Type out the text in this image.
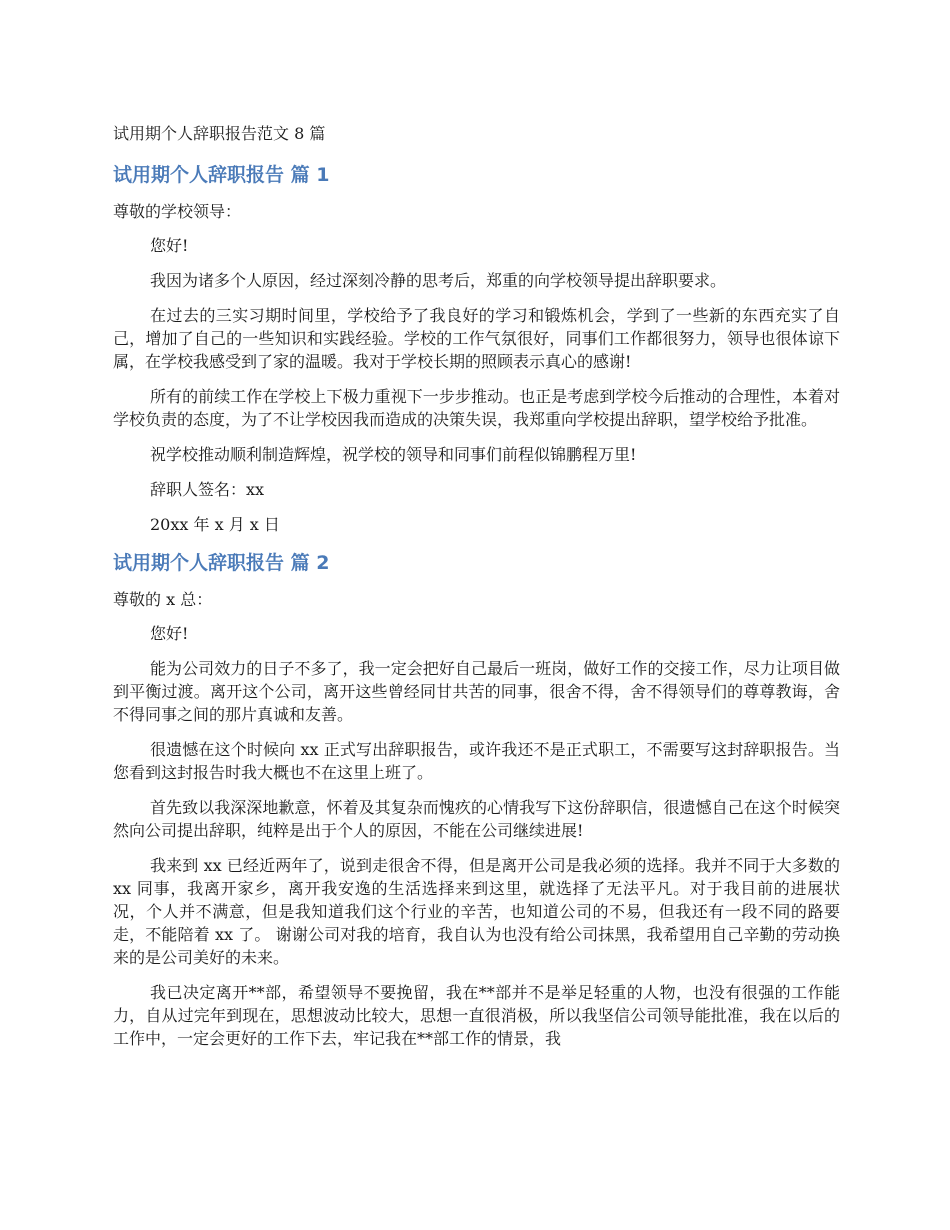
试用期个人辞职报告范文 8 篇
试用期个人辞职报告 篇 1
尊敬的学校领导：

您好!

我因为诸多个人原因，经过深刻冷静的思考后，郑重的向学校领导提出辞职要求。

在过去的三实习期时间里，学校给予了我良好的学习和锻炼机会，学到了一些新的东西充实了自己，增加了自己的一些知识和实践经验。学校的工作气氛很好，同事们工作都很努力，领导也很体谅下属，在学校我感受到了家的温暖。我对于学校长期的照顾表示真心的感谢!

所有的前续工作在学校上下极力重视下一步步推动。也正是考虑到学校今后推动的合理性，本着对学校负责的态度，为了不让学校因我而造成的决策失误，我郑重向学校提出辞职，望学校给予批准。

祝学校推动顺利制造辉煌，祝学校的领导和同事们前程似锦鹏程万里!

辞职人签名：xx

20xx 年 x 月 x 日

试用期个人辞职报告 篇 2
尊敬的 x 总：

您好!

能为公司效力的日子不多了，我一定会把好自己最后一班岗，做好工作的交接工作，尽力让项目做到平衡过渡。离开这个公司，离开这些曾经同甘共苦的同事，很舍不得，舍不得领导们的尊尊教诲，舍不得同事之间的那片真诚和友善。

很遗憾在这个时候向 xx 正式写出辞职报告，或许我还不是正式职工，不需要写这封辞职报告。当您看到这封报告时我大概也不在这里上班了。

首先致以我深深地歉意，怀着及其复杂而愧疚的心情我写下这份辞职信，很遗憾自己在这个时候突然向公司提出辞职，纯粹是出于个人的原因，不能在公司继续进展!

我来到 xx 已经近两年了，说到走很舍不得，但是离开公司是我必须的选择。我并不同于大多数的 xx 同事，我离开家乡，离开我安逸的生活选择来到这里，就选择了无法平凡。对于我目前的进展状况，个人并不满意，但是我知道我们这个行业的辛苦，也知道公司的不易，但我还有一段不同的路要走，不能陪着 xx 了。 谢谢公司对我的培育，我自认为也没有给公司抹黑，我希望用自己辛勤的劳动换来的是公司美好的未来。

我已决定离开**部，希望领导不要挽留，我在**部并不是举足轻重的人物，也没有很强的工作能力，自从过完年到现在，思想波动比较大，思想一直很消极，所以我坚信公司领导能批准，我在以后的工作中，一定会更好的工作下去，牢记我在**部工作的情景，我
